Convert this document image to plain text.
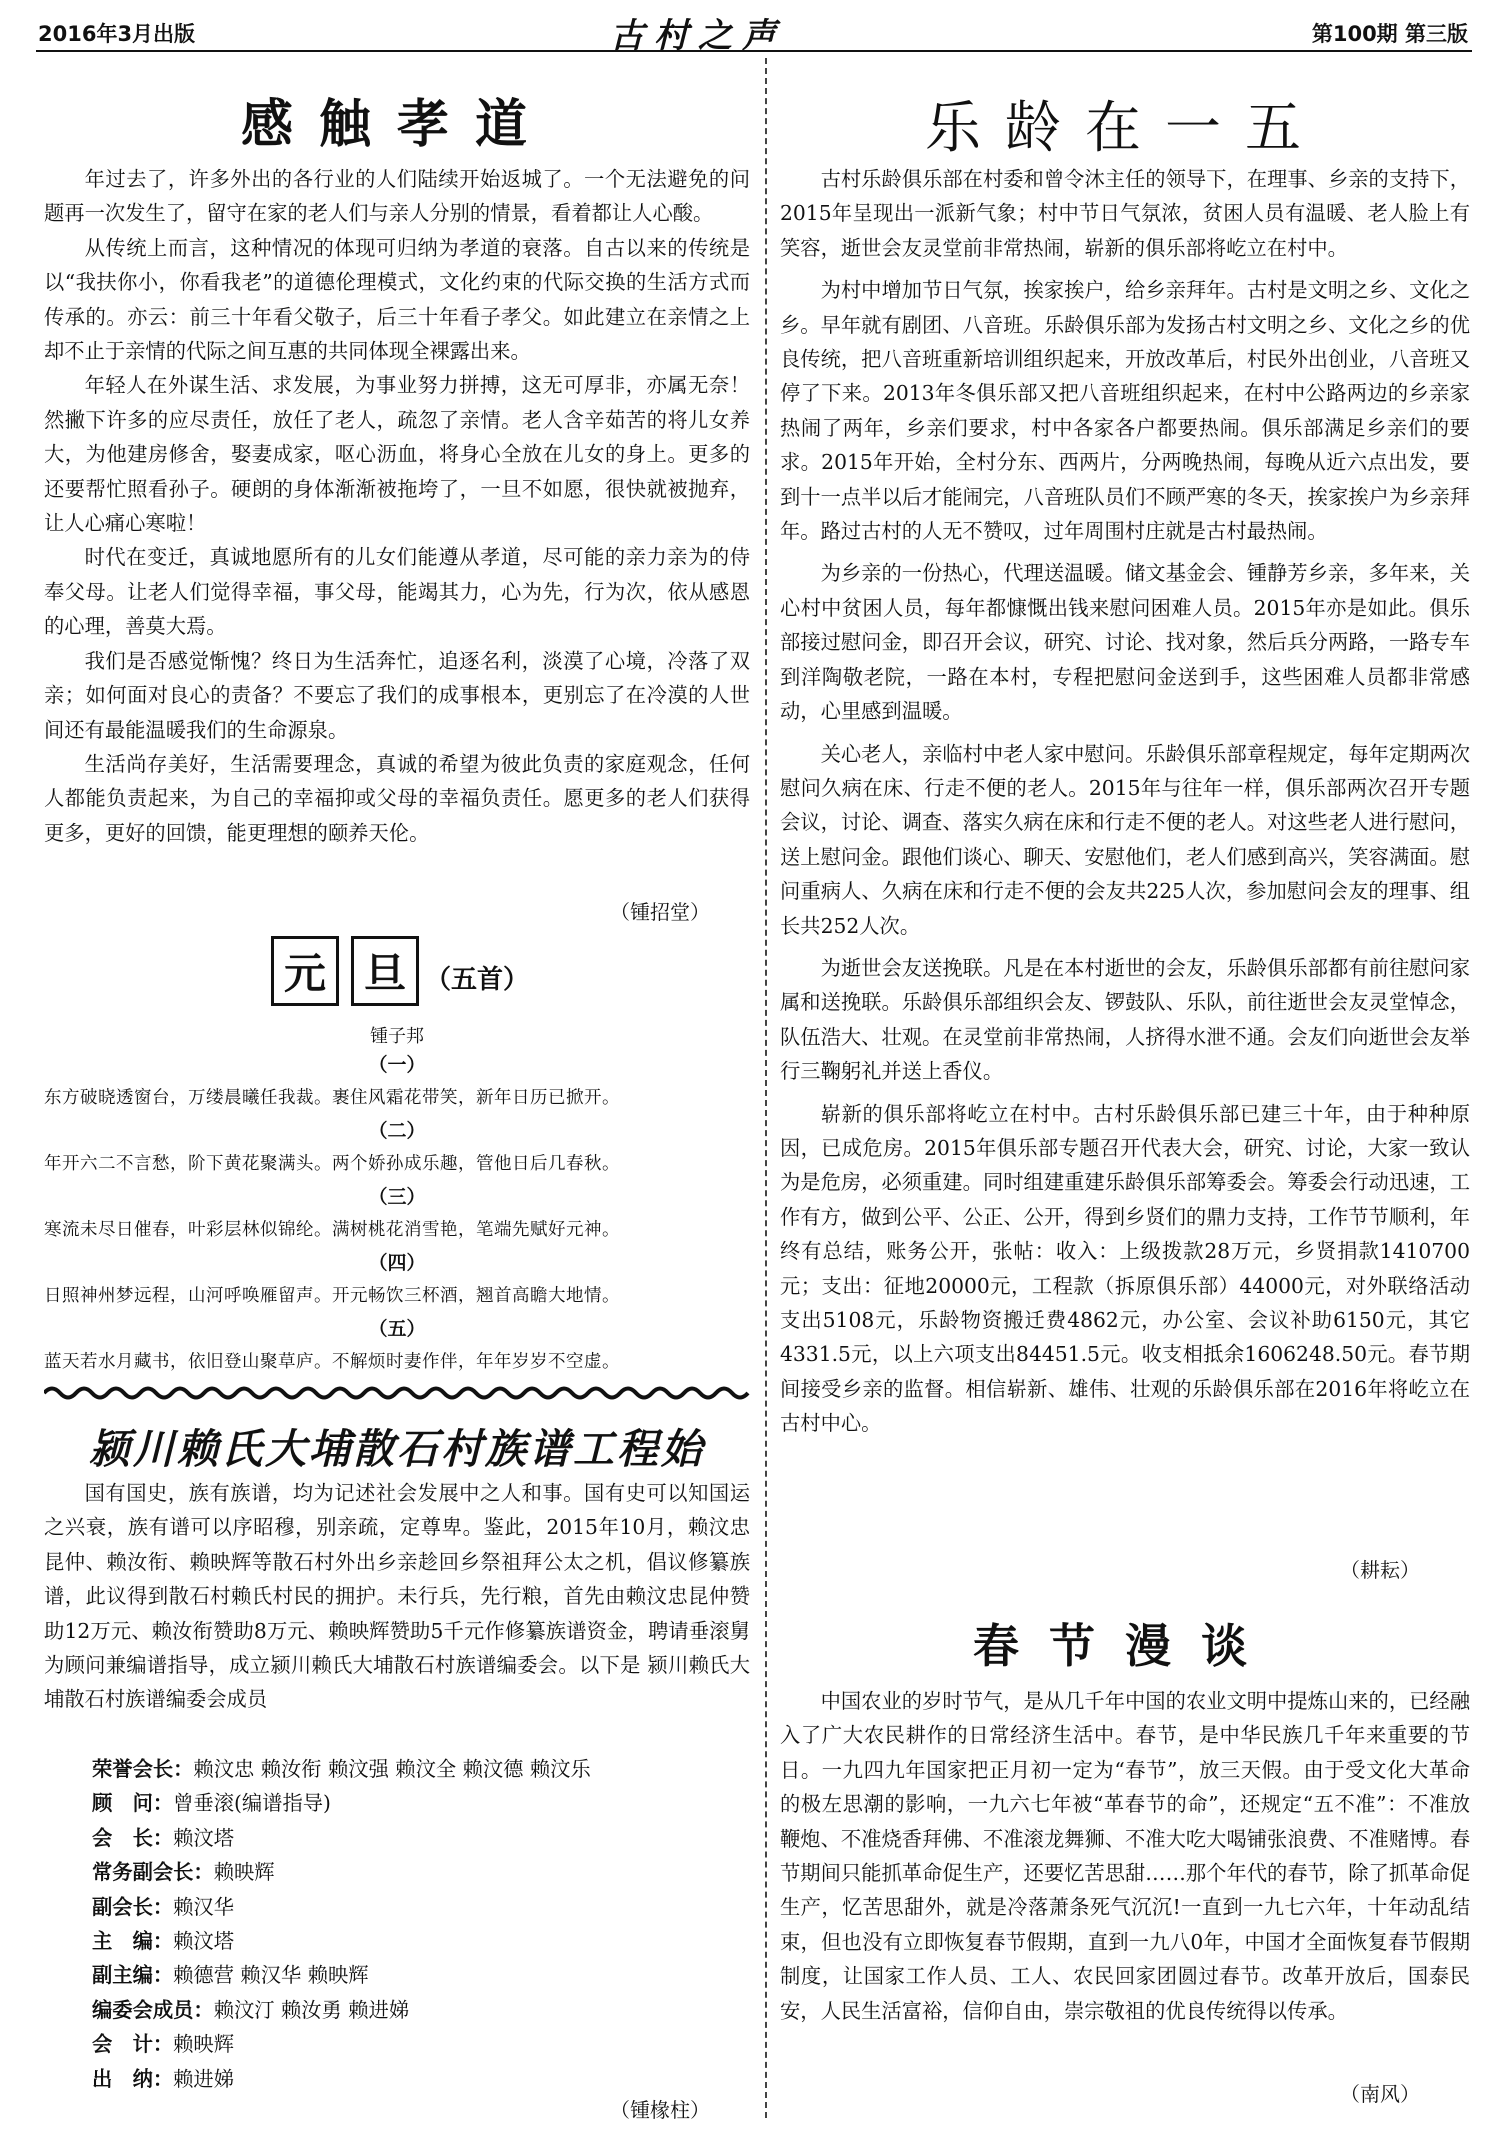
2016年3月出版	古村之声	第100期 第三版
感触孝道

年过去了，许多外出的各行业的人们陆续开始返城了。一个无法避免的问题再一次发生了，留守在家的老人们与亲人分别的情景，看着都让人心酸。

从传统上而言，这种情况的体现可归纳为孝道的衰落。自古以来的传统是以“我扶你小，你看我老”的道德伦理模式，文化约束的代际交换的生活方式而传承的。亦云：前三十年看父敬子，后三十年看子孝父。如此建立在亲情之上却不止于亲情的代际之间互惠的共同体现全裸露出来。

年轻人在外谋生活、求发展，为事业努力拼搏，这无可厚非，亦属无奈！然撇下许多的应尽责任，放任了老人，疏忽了亲情。老人含辛茹苦的将儿女养大，为他建房修舍，娶妻成家，呕心沥血，将身心全放在儿女的身上。更多的还要帮忙照看孙子。硬朗的身体渐渐被拖垮了，一旦不如愿，很快就被抛弃，让人心痛心寒啦！

时代在变迁，真诚地愿所有的儿女们能遵从孝道，尽可能的亲力亲为的侍奉父母。让老人们觉得幸福，事父母，能竭其力，心为先，行为次，依从感恩的心理，善莫大焉。

我们是否感觉惭愧？终日为生活奔忙，追逐名利，淡漠了心境，冷落了双亲；如何面对良心的责备？不要忘了我们的成事根本，更别忘了在冷漠的人世间还有最能温暖我们的生命源泉。

生活尚存美好，生活需要理念，真诚的希望为彼此负责的家庭观念，任何人都能负责起来，为自己的幸福抑或父母的幸福负责任。愿更多的老人们获得更多，更好的回馈，能更理想的颐养天伦。

（锺招堂）

元 旦 （五首）
锺子邦
（一）
东方破晓透窗台，万缕晨曦任我裁。裹住风霜花带笑，新年日历已掀开。
（二）
年开六二不言愁，阶下黄花聚满头。两个娇孙成乐趣，管他日后几春秋。
（三）
寒流未尽日催春，叶彩层林似锦纶。满树桃花消雪艳，笔端先赋好元神。
（四）
日照神州梦远程，山河呼唤雁留声。开元畅饮三杯酒，翘首高瞻大地情。
（五）
蓝天若水月藏书，依旧登山聚草庐。不解烦时妻作伴，年年岁岁不空虚。
颍川赖氏大埔散石村族谱工程始

国有国史，族有族谱，均为记述社会发展中之人和事。国有史可以知国运之兴衰，族有谱可以序昭穆，别亲疏，定尊卑。鉴此，2015年10月，赖汶忠昆仲、赖汝衔、赖映辉等散石村外出乡亲趁回乡祭祖拜公太之机，倡议修纂族谱，此议得到散石村赖氏村民的拥护。未行兵，先行粮，首先由赖汶忠昆仲赞助12万元、赖汝衔赞助8万元、赖映辉赞助5千元作修纂族谱资金，聘请垂滚舅为顾问兼编谱指导，成立颍川赖氏大埔散石村族谱编委会。以下是 颍川赖氏大埔散石村族谱编委会成员

荣誉会长：赖汶忠 赖汝衔 赖汶强 赖汶全 赖汶德 赖汶乐
顾　问：曾垂滚(编谱指导)
会　长：赖汶塔
常务副会长：赖映辉
副会长：赖汉华
主　编：赖汶塔
副主编：赖德营 赖汉华 赖映辉
编委会成员：赖汶汀 赖汝勇 赖进娣
会　计：赖映辉
出　纳：赖进娣

（锺椽柱）

乐龄在一五

古村乐龄俱乐部在村委和曾令沐主任的领导下，在理事、乡亲的支持下，2015年呈现出一派新气象；村中节日气氛浓，贫困人员有温暖、老人脸上有笑容，逝世会友灵堂前非常热闹，崭新的俱乐部将屹立在村中。

为村中增加节日气氛，挨家挨户，给乡亲拜年。古村是文明之乡、文化之乡。早年就有剧团、八音班。乐龄俱乐部为发扬古村文明之乡、文化之乡的优良传统，把八音班重新培训组织起来，开放改革后，村民外出创业，八音班又停了下来。2013年冬俱乐部又把八音班组织起来，在村中公路两边的乡亲家热闹了两年，乡亲们要求，村中各家各户都要热闹。俱乐部满足乡亲们的要求。2015年开始，全村分东、西两片，分两晚热闹，每晚从近六点出发，要到十一点半以后才能闹完，八音班队员们不顾严寒的冬天，挨家挨户为乡亲拜年。路过古村的人无不赞叹，过年周围村庄就是古村最热闹。

为乡亲的一份热心，代理送温暖。储文基金会、锺静芳乡亲，多年来，关心村中贫困人员，每年都慷慨出钱来慰问困难人员。2015年亦是如此。俱乐部接过慰问金，即召开会议，研究、讨论、找对象，然后兵分两路，一路专车到洋陶敬老院，一路在本村，专程把慰问金送到手，这些困难人员都非常感动，心里感到温暖。

关心老人，亲临村中老人家中慰问。乐龄俱乐部章程规定，每年定期两次慰问久病在床、行走不便的老人。2015年与往年一样，俱乐部两次召开专题会议，讨论、调查、落实久病在床和行走不便的老人。对这些老人进行慰问，送上慰问金。跟他们谈心、聊天、安慰他们，老人们感到高兴，笑容满面。慰问重病人、久病在床和行走不便的会友共225人次，参加慰问会友的理事、组长共252人次。

为逝世会友送挽联。凡是在本村逝世的会友，乐龄俱乐部都有前往慰问家属和送挽联。乐龄俱乐部组织会友、锣鼓队、乐队，前往逝世会友灵堂悼念，队伍浩大、壮观。在灵堂前非常热闹，人挤得水泄不通。会友们向逝世会友举行三鞠躬礼并送上香仪。

崭新的俱乐部将屹立在村中。古村乐龄俱乐部已建三十年，由于种种原因，已成危房。2015年俱乐部专题召开代表大会，研究、讨论，大家一致认为是危房，必须重建。同时组建重建乐龄俱乐部筹委会。筹委会行动迅速，工作有方，做到公平、公正、公开，得到乡贤们的鼎力支持，工作节节顺利，年终有总结，账务公开，张帖：收入：上级拨款28万元，乡贤捐款1410700元；支出：征地20000元，工程款（拆原俱乐部）44000元，对外联络活动支出5108元，乐龄物资搬迁费4862元，办公室、会议补助6150元，其它4331.5元，以上六项支出84451.5元。收支相抵余1606248.50元。春节期间接受乡亲的监督。相信崭新、雄伟、壮观的乐龄俱乐部在2016年将屹立在古村中心。

（耕耘）

春节漫谈

中国农业的岁时节气，是从几千年中国的农业文明中提炼山来的，已经融入了广大农民耕作的日常经济生活中。春节，是中华民族几千年来重要的节日。一九四九年国家把正月初一定为“春节”，放三天假。由于受文化大革命的极左思潮的影响，一九六七年被“革春节的命”，还规定“五不准”：不准放鞭炮、不准烧香拜佛、不准滚龙舞狮、不准大吃大喝铺张浪费、不准赌博。春节期间只能抓革命促生产，还要忆苦思甜……那个年代的春节，除了抓革命促生产，忆苦思甜外，就是冷落萧条死气沉沉!一直到一九七六年，十年动乱结束，但也没有立即恢复春节假期，直到一九八0年，中国才全面恢复春节假期制度，让国家工作人员、工人、农民回家团圆过春节。改革开放后，国泰民安，人民生活富裕，信仰自由，崇宗敬祖的优良传统得以传承。

（南风）
